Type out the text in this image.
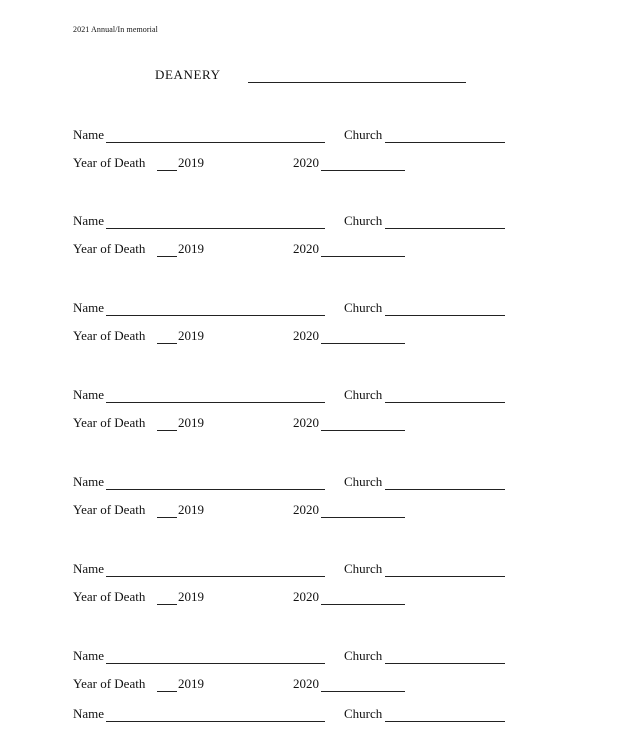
2021 Annual/In memorial
DEANERY
Name	Church
Year of Death	2019	2020
Name	Church
Year of Death	2019	2020
Name	Church
Year of Death	2019	2020
Name	Church
Year of Death	2019	2020
Name	Church
Year of Death	2019	2020
Name	Church
Year of Death	2019	2020
Name	Church
Year of Death	2019	2020
Name	Church
